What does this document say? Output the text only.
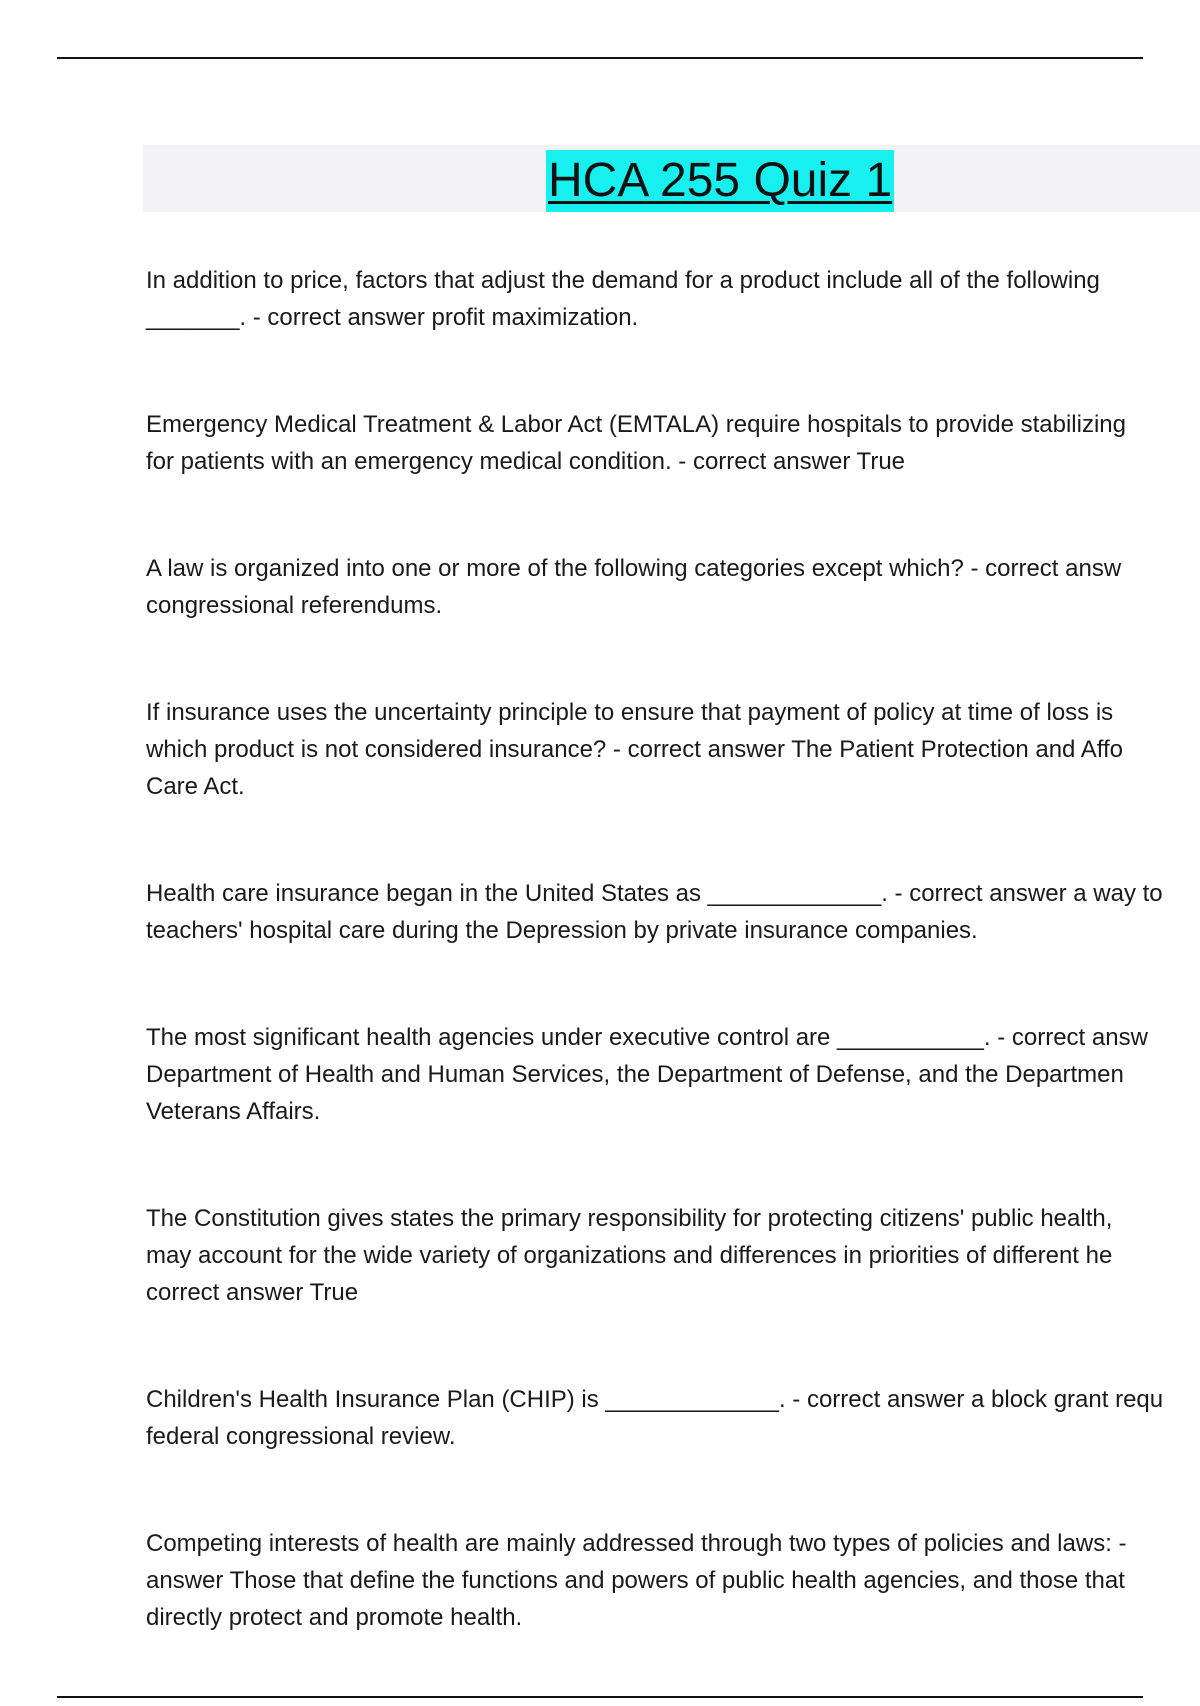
HCA 255 Quiz 1
In addition to price, factors that adjust the demand for a product include all of the following
_______. - correct answer profit maximization.
Emergency Medical Treatment & Labor Act (EMTALA) require hospitals to provide stabilizing
for patients with an emergency medical condition. - correct answer True
A law is organized into one or more of the following categories except which? - correct answ
congressional referendums.
If insurance uses the uncertainty principle to ensure that payment of policy at time of loss is
which product is not considered insurance? - correct answer The Patient Protection and Affo
Care Act.
Health care insurance began in the United States as _____________. - correct answer a way to
teachers' hospital care during the Depression by private insurance companies.
The most significant health agencies under executive control are ___________. - correct answ
Department of Health and Human Services, the Department of Defense, and the Departmen
Veterans Affairs.
The Constitution gives states the primary responsibility for protecting citizens' public health,
may account for the wide variety of organizations and differences in priorities of different he
correct answer True
Children's Health Insurance Plan (CHIP) is _____________. - correct answer a block grant requ
federal congressional review.
Competing interests of health are mainly addressed through two types of policies and laws: -
answer Those that define the functions and powers of public health agencies, and those that
directly protect and promote health.
